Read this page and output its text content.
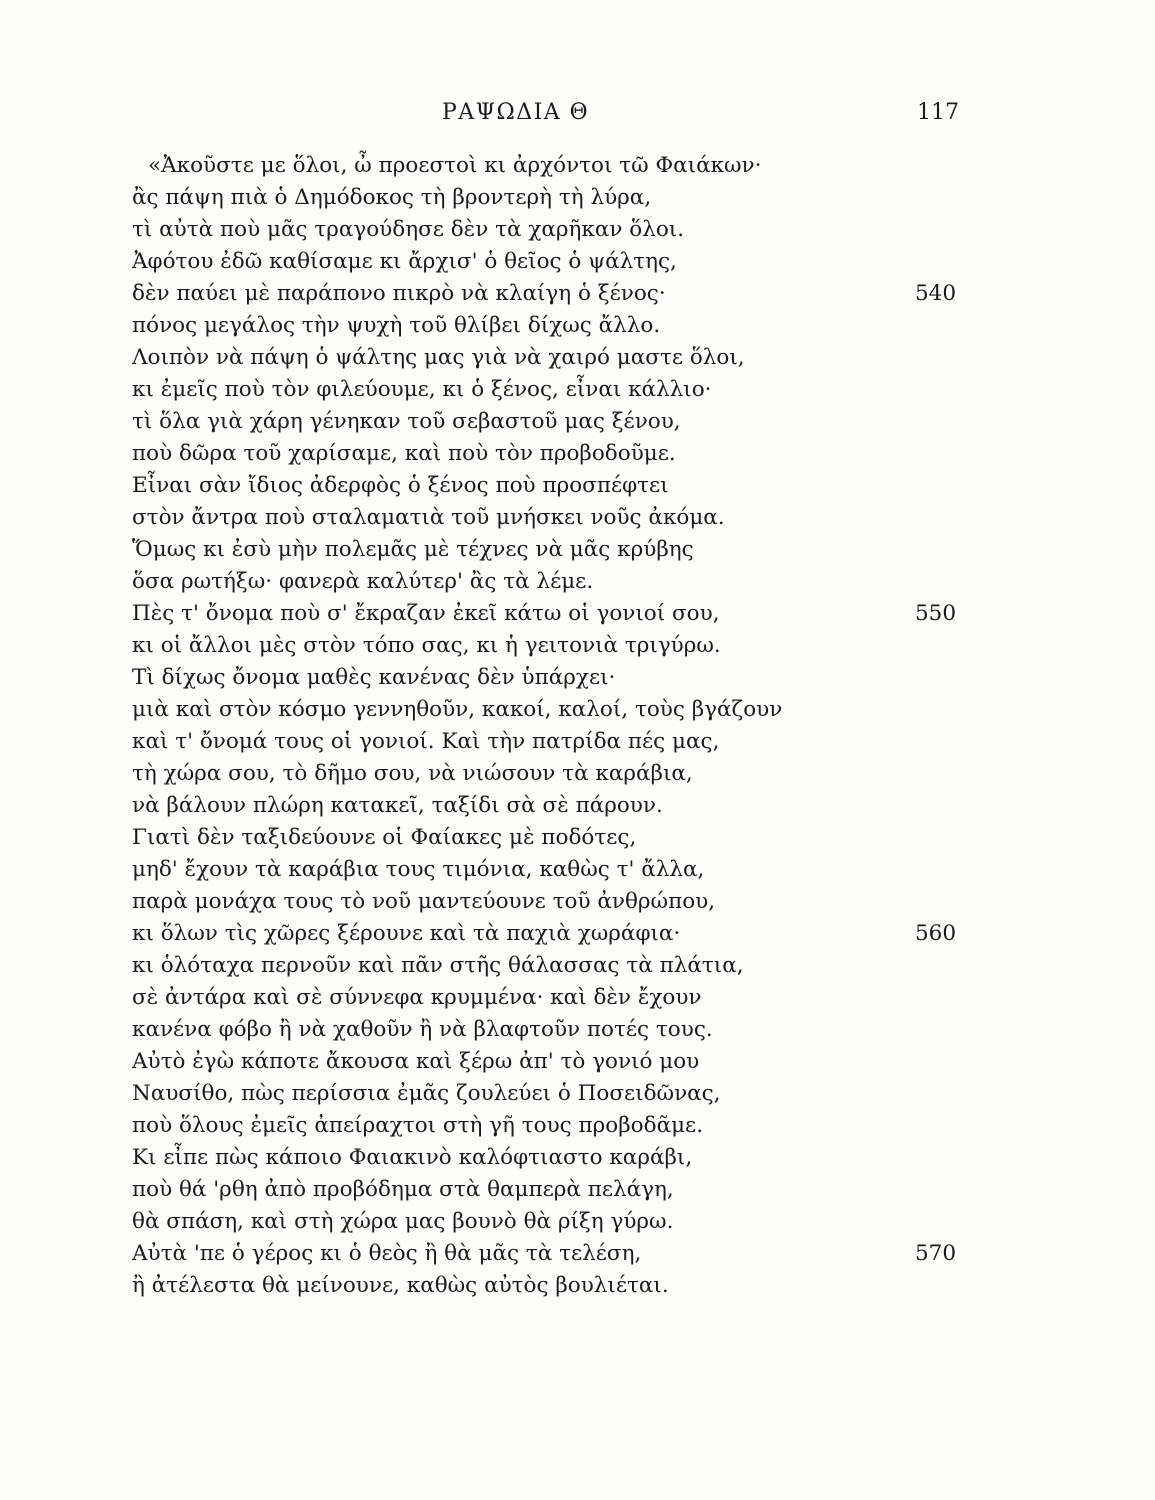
ΡΑΨΩΔΙΑ Θ	117
«Ἀκοῦστε με ὅλοι, ὦ προεστοὶ κι ἀρχόντοι τῶ Φαιάκων·
ἂς πάψη πιὰ ὁ Δημόδοκος τὴ βροντερὴ τὴ λύρα,
τὶ αὐτὰ ποὺ μᾶς τραγούδησε δὲν τὰ χαρῆκαν ὅλοι.
Ἀφότου ἐδῶ καθίσαμε κι ἄρχισ' ὁ θεῖος ὁ ψάλτης,
δὲν παύει μὲ παράπονο πικρὸ νὰ κλαίγη ὁ ξένος·	540
πόνος μεγάλος τὴν ψυχὴ τοῦ θλίβει δίχως ἄλλο.
Λοιπὸν νὰ πάψη ὁ ψάλτης μας γιὰ νὰ χαιρό μαστε ὅλοι,
κι ἐμεῖς ποὺ τὸν φιλεύουμε, κι ὁ ξένος, εἶναι κάλλιο·
τὶ ὅλα γιὰ χάρη γένηκαν τοῦ σεβαστοῦ μας ξένου,
ποὺ δῶρα τοῦ χαρίσαμε, καὶ ποὺ τὸν προβοδοῦμε.
Εἶναι σὰν ἴδιος ἀδερφὸς ὁ ξένος ποὺ προσπέφτει
στὸν ἄντρα ποὺ σταλαματιὰ τοῦ μνήσκει νοῦς ἀκόμα.
Ὅμως κι ἐσὺ μὴν πολεμᾶς μὲ τέχνες νὰ μᾶς κρύβης
ὅσα ρωτήξω· φανερὰ καλύτερ' ἂς τὰ λέμε.
Πὲς τ' ὄνομα ποὺ σ' ἔκραζαν ἐκεῖ κάτω οἱ γονιοί σου,	550
κι οἱ ἄλλοι μὲς στὸν τόπο σας, κι ἡ γειτονιὰ τριγύρω.
Τὶ δίχως ὄνομα μαθὲς κανένας δὲν ὑπάρχει·
μιὰ καὶ στὸν κόσμο γεννηθοῦν, κακοί, καλοί, τοὺς βγάζουν
καὶ τ' ὄνομά τους οἱ γονιοί. Καὶ τὴν πατρίδα πές μας,
τὴ χώρα σου, τὸ δῆμο σου, νὰ νιώσουν τὰ καράβια,
νὰ βάλουν πλώρη κατακεῖ, ταξίδι σὰ σὲ πάρουν.
Γιατὶ δὲν ταξιδεύουνε οἱ Φαίακες μὲ ποδότες,
μηδ' ἔχουν τὰ καράβια τους τιμόνια, καθὼς τ' ἄλλα,
παρὰ μονάχα τους τὸ νοῦ μαντεύουνε τοῦ ἀνθρώπου,
κι ὅλων τὶς χῶρες ξέρουνε καὶ τὰ παχιὰ χωράφια·	560
κι ὁλόταχα περνοῦν καὶ πᾶν στῆς θάλασσας τὰ πλάτια,
σὲ ἀντάρα καὶ σὲ σύννεφα κρυμμένα· καὶ δὲν ἔχουν
κανένα φόβο ἢ νὰ χαθοῦν ἢ νὰ βλαφτοῦν ποτές τους.
Αὐτὸ ἐγὼ κάποτε ἄκουσα καὶ ξέρω ἀπ' τὸ γονιό μου
Ναυσίθο, πὼς περίσσια ἐμᾶς ζουλεύει ὁ Ποσειδῶνας,
ποὺ ὅλους ἐμεῖς ἀπείραχτοι στὴ γῆ τους προβοδᾶμε.
Κι εἶπε πὼς κάποιο Φαιακινὸ καλόφτιαστο καράβι,
ποὺ θά 'ρθη ἀπὸ προβόδημα στὰ θαμπερὰ πελάγη,
θὰ σπάση, καὶ στὴ χώρα μας βουνὸ θὰ ρίξη γύρω.
Αὐτὰ 'πε ὁ γέρος κι ὁ θεὸς ἢ θὰ μᾶς τὰ τελέση,	570
ἢ ἀτέλεστα θὰ μείνουνε, καθὼς αὐτὸς βουλιέται.
